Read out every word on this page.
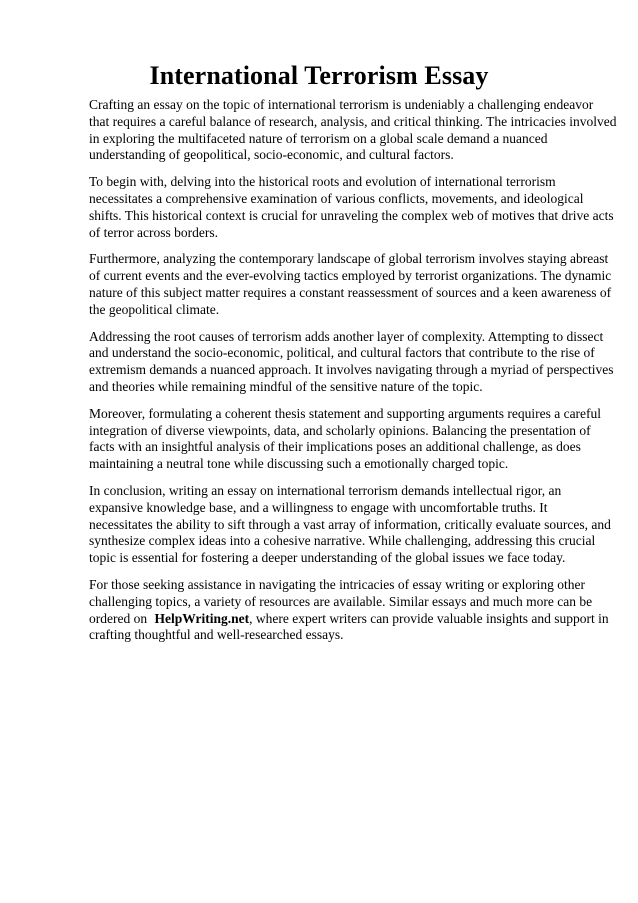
International Terrorism Essay

Crafting an essay on the topic of international terrorism is undeniably a challenging endeavor
that requires a careful balance of research, analysis, and critical thinking. The intricacies involved
in exploring the multifaceted nature of terrorism on a global scale demand a nuanced
understanding of geopolitical, socio-economic, and cultural factors.

To begin with, delving into the historical roots and evolution of international terrorism
necessitates a comprehensive examination of various conflicts, movements, and ideological
shifts. This historical context is crucial for unraveling the complex web of motives that drive acts
of terror across borders.

Furthermore, analyzing the contemporary landscape of global terrorism involves staying abreast
of current events and the ever-evolving tactics employed by terrorist organizations. The dynamic
nature of this subject matter requires a constant reassessment of sources and a keen awareness of
the geopolitical climate.

Addressing the root causes of terrorism adds another layer of complexity. Attempting to dissect
and understand the socio-economic, political, and cultural factors that contribute to the rise of
extremism demands a nuanced approach. It involves navigating through a myriad of perspectives
and theories while remaining mindful of the sensitive nature of the topic.

Moreover, formulating a coherent thesis statement and supporting arguments requires a careful
integration of diverse viewpoints, data, and scholarly opinions. Balancing the presentation of
facts with an insightful analysis of their implications poses an additional challenge, as does
maintaining a neutral tone while discussing such a emotionally charged topic.

In conclusion, writing an essay on international terrorism demands intellectual rigor, an
expansive knowledge base, and a willingness to engage with uncomfortable truths. It
necessitates the ability to sift through a vast array of information, critically evaluate sources, and
synthesize complex ideas into a cohesive narrative. While challenging, addressing this crucial
topic is essential for fostering a deeper understanding of the global issues we face today.

For those seeking assistance in navigating the intricacies of essay writing or exploring other
challenging topics, a variety of resources are available. Similar essays and much more can be
ordered on HelpWriting.net, where expert writers can provide valuable insights and support in
crafting thoughtful and well-researched essays.
